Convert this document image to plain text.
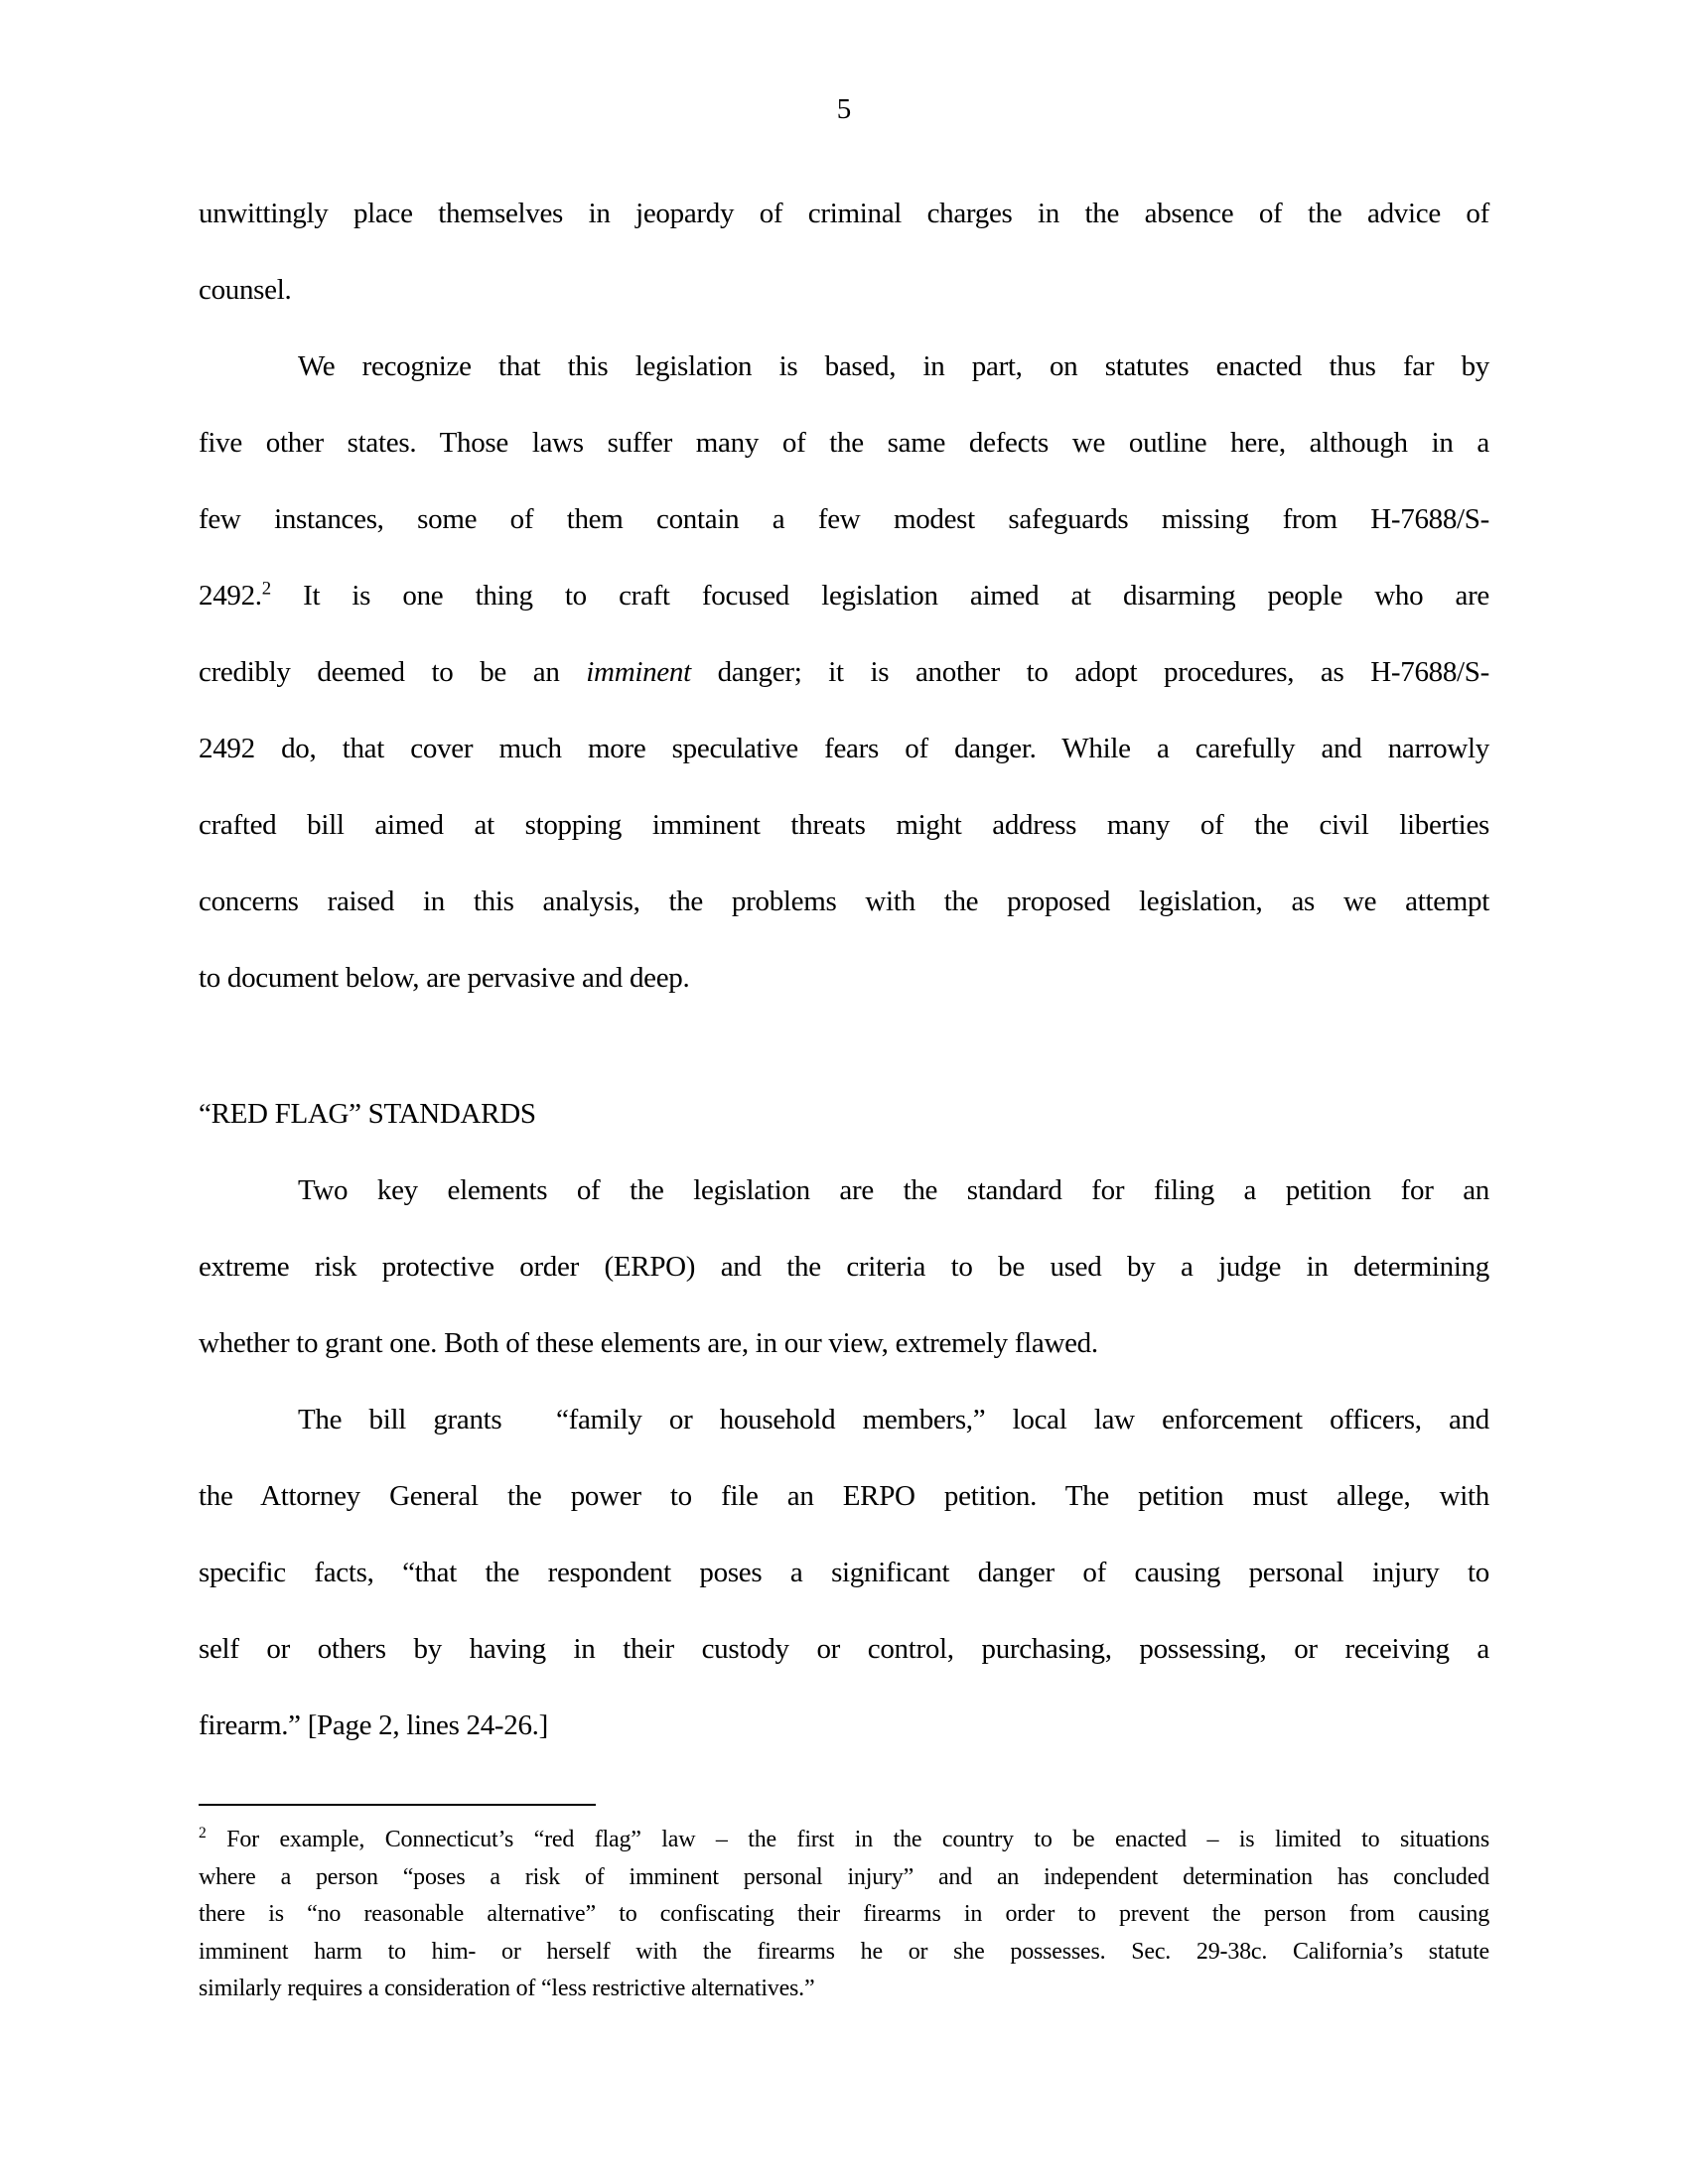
5
unwittingly place themselves in jeopardy of criminal charges in the absence of the advice of
counsel.
We recognize that this legislation is based, in part, on statutes enacted thus far by
five other states. Those laws suffer many of the same defects we outline here, although in a
few instances, some of them contain a few modest safeguards missing from H-7688/S-
2492.$^2$ It is one thing to craft focused legislation aimed at disarming people who are
credibly deemed to be an imminent danger; it is another to adopt procedures, as H-7688/S-
2492 do, that cover much more speculative fears of danger. While a carefully and narrowly
crafted bill aimed at stopping imminent threats might address many of the civil liberties
concerns raised in this analysis, the problems with the proposed legislation, as we attempt
to document below, are pervasive and deep.
“RED FLAG” STANDARDS
Two key elements of the legislation are the standard for filing a petition for an
extreme risk protective order (ERPO) and the criteria to be used by a judge in determining
whether to grant one. Both of these elements are, in our view, extremely flawed.
The bill grants  “family or household members,” local law enforcement officers, and
the Attorney General the power to file an ERPO petition. The petition must allege, with
specific facts, “that the respondent poses a significant danger of causing personal injury to
self or others by having in their custody or control, purchasing, possessing, or receiving a
firearm.” [Page 2, lines 24-26.]
$^2$ For example, Connecticut’s “red flag” law – the first in the country to be enacted – is limited to situations
where a person “poses a risk of imminent personal injury” and an independent determination has concluded
there is “no reasonable alternative” to confiscating their firearms in order to prevent the person from causing
imminent harm to him- or herself with the firearms he or she possesses. Sec. 29-38c. California’s statute
similarly requires a consideration of “less restrictive alternatives.”
